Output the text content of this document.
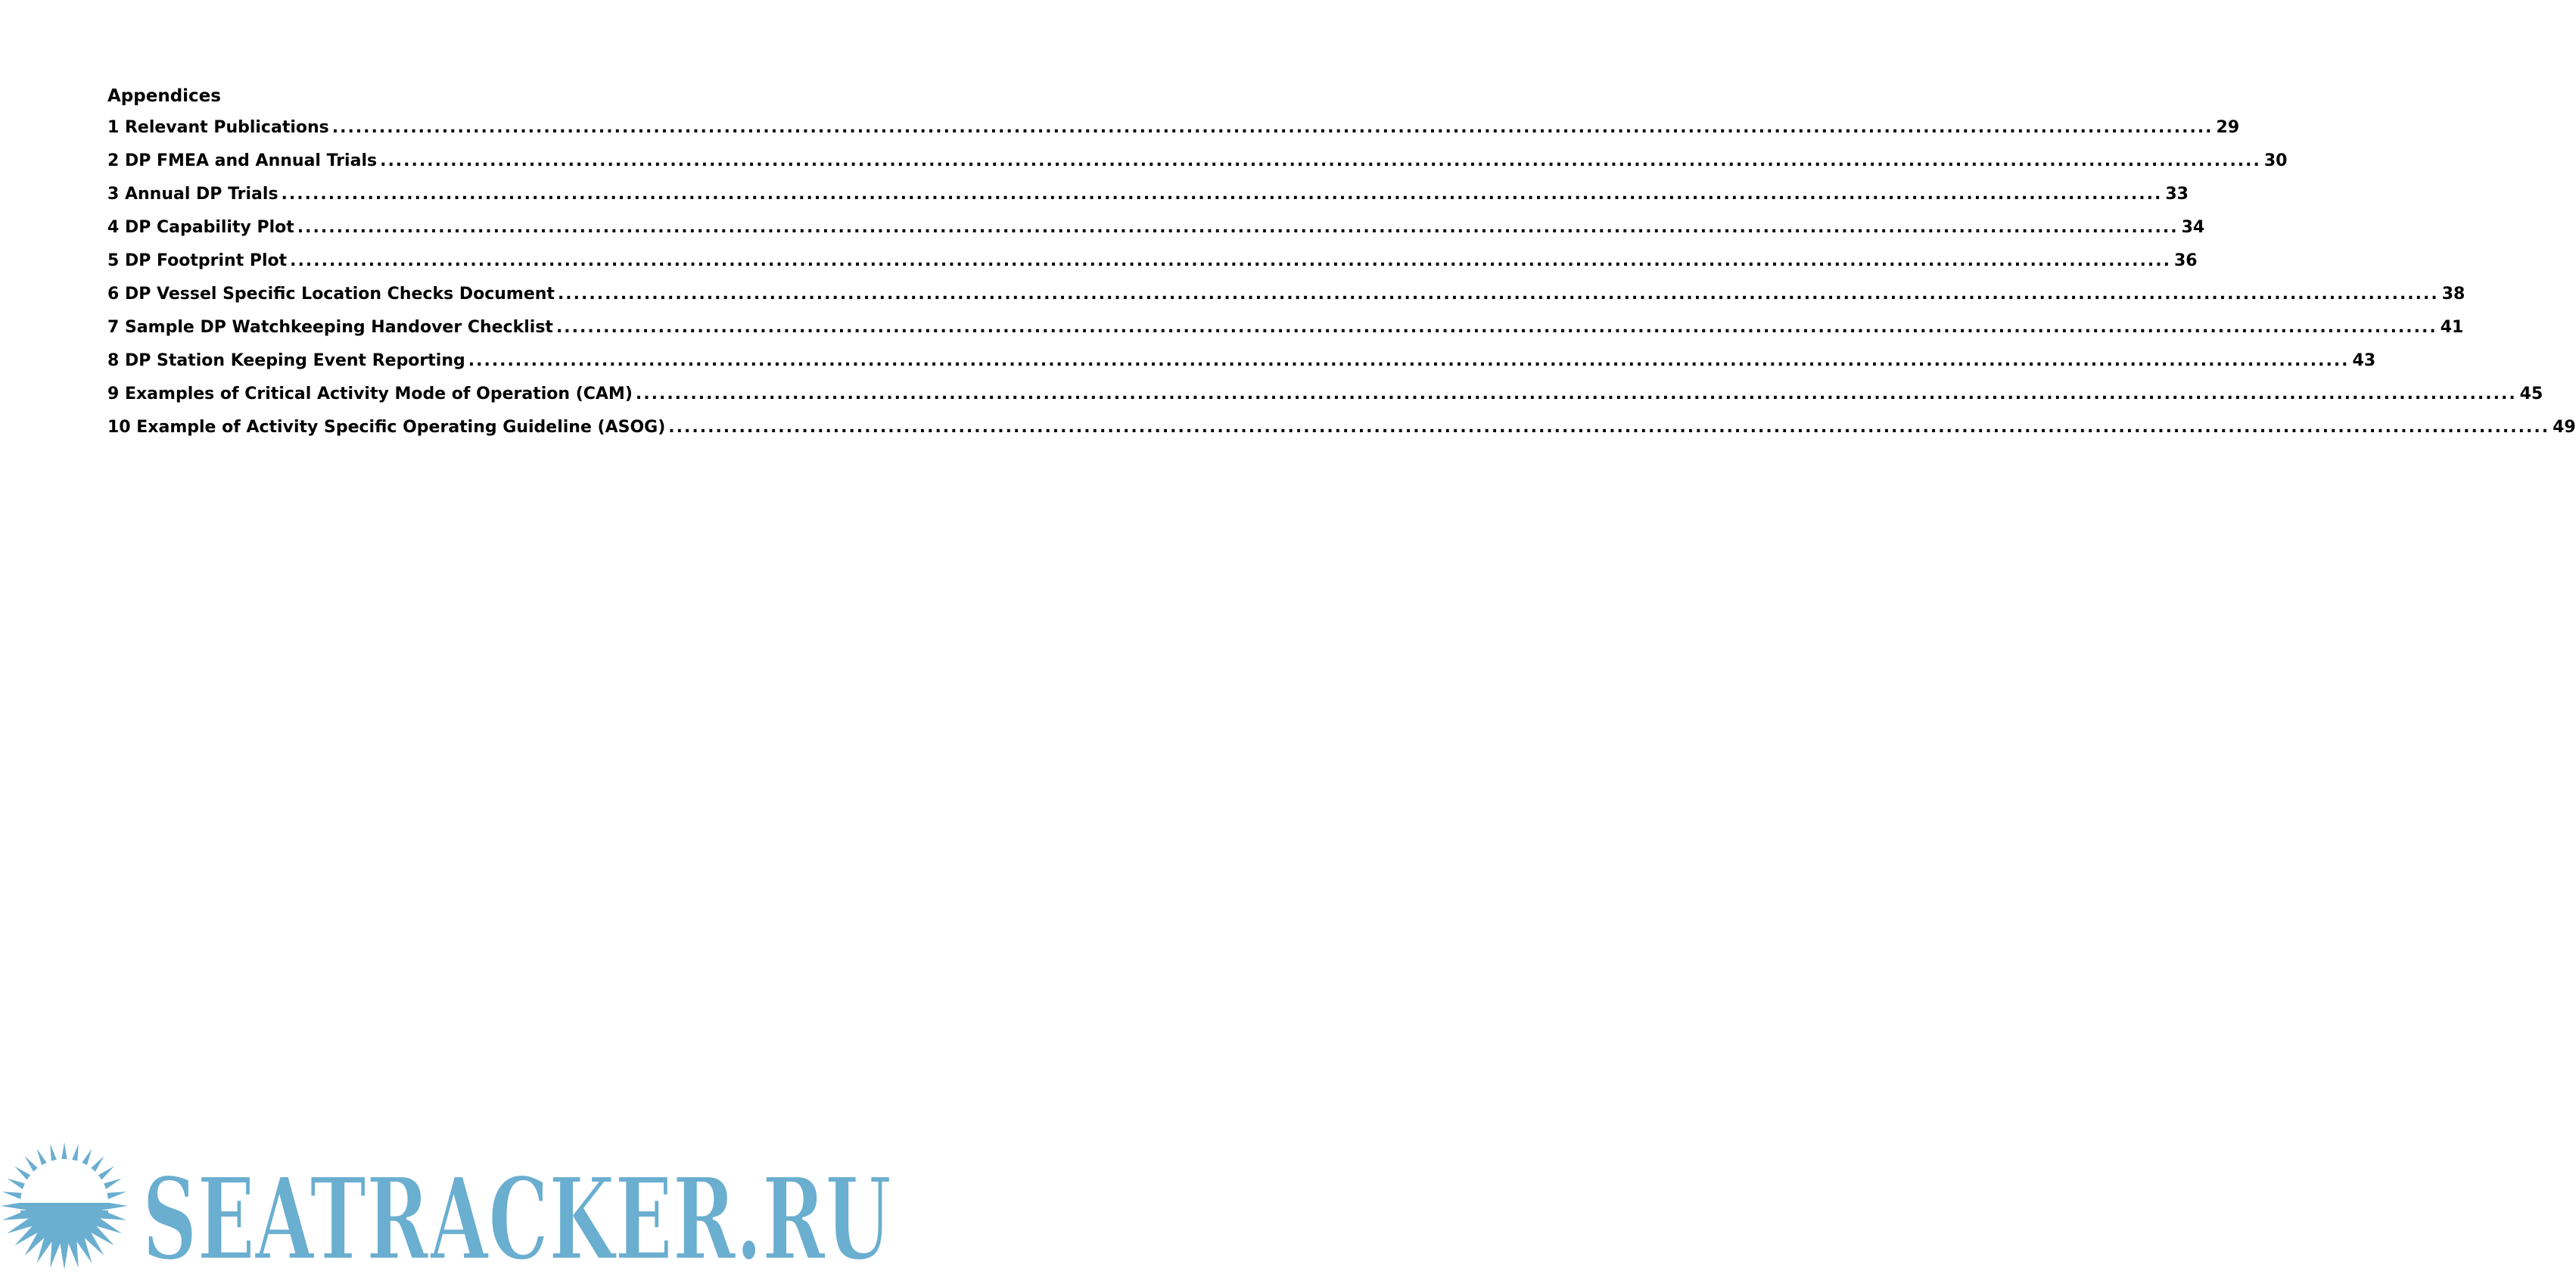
Appendices
1 Relevant Publications .....	29
2 DP FMEA and Annual Trials .....	30
3 Annual DP Trials .....	33
4 DP Capability Plot .....	34
5 DP Footprint Plot .....	36
6 DP Vessel Specific Location Checks Document .....	38
7 Sample DP Watchkeeping Handover Checklist .....	41
8 DP Station Keeping Event Reporting .....	43
9 Examples of Critical Activity Mode of Operation (CAM) .....	45
10 Example of Activity Specific Operating Guideline (ASOG) .....	49
SEATRACKER.RU
